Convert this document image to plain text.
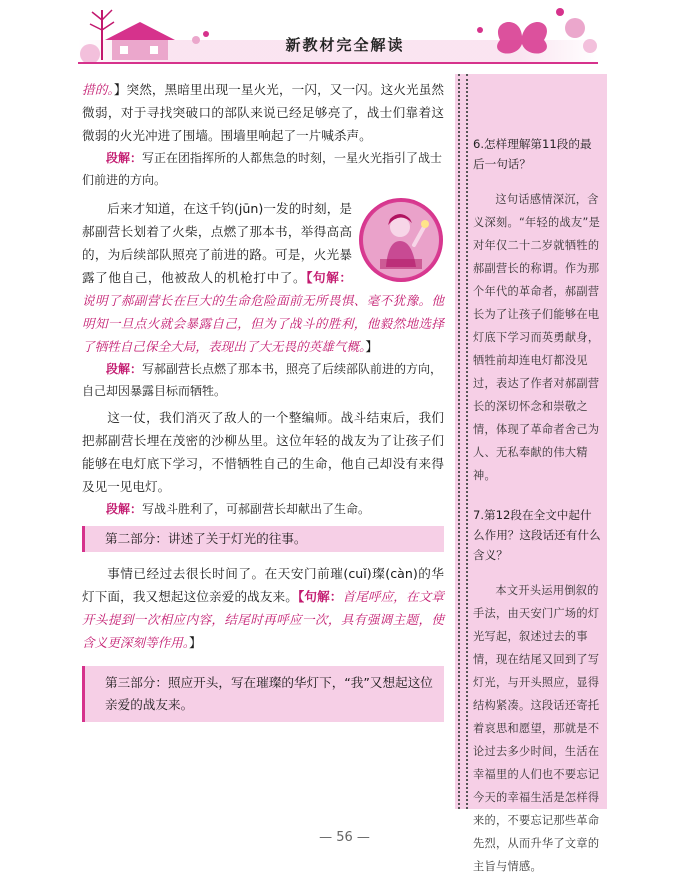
新教材完全解读

措的。】突然，黑暗里出现一星火光，一闪，又一闪。这火光虽然微弱，对于寻找突破口的部队来说已经足够亮了，战士们靠着这微弱的火光冲进了围墙。围墙里响起了一片喊杀声。

段解：写正在团指挥所的人都焦急的时刻，一星火光指引了战士们前进的方向。

后来才知道，在这千钧(jūn)一发的时刻，是郝副营长划着了火柴，点燃了那本书，举得高高的，为后续部队照亮了前进的路。可是，火光暴露了他自己，他被敌人的机枪打中了。【句解：说明了郝副营长在巨大的生命危险面前无所畏惧、毫不犹豫。他明知一旦点火就会暴露自己，但为了战斗的胜利，他毅然地选择了牺牲自己保全大局，表现出了大无畏的英雄气概。】

段解：写郝副营长点燃了那本书，照亮了后续部队前进的方向，自己却因暴露目标而牺牲。

这一仗，我们消灭了敌人的一个整编师。战斗结束后，我们把郝副营长埋在茂密的沙柳丛里。这位年轻的战友为了让孩子们能够在电灯底下学习，不惜牺牲自己的生命，他自己却没有来得及见一见电灯。

段解：写战斗胜利了，可郝副营长却献出了生命。

第二部分：讲述了关于灯光的往事。

事情已经过去很长时间了。在天安门前璀(cuǐ)璨(càn)的华灯下面，我又想起这位亲爱的战友来。【句解：首尾呼应，在文章开头提到一次相应内容，结尾时再呼应一次，具有强调主题，使含义更深刻等作用。】

第三部分：照应开头，写在璀璨的华灯下，“我”又想起这位亲爱的战友来。

6.怎样理解第11段的最后一句话？

这句话感情深沉，含义深刻。“年轻的战友”是对年仅二十二岁就牺牲的郝副营长的称谓。作为那个年代的革命者，郝副营长为了让孩子们能够在电灯底下学习而英勇献身，牺牲前却连电灯都没见过，表达了作者对郝副营长的深切怀念和崇敬之情，体现了革命者舍己为人、无私奉献的伟大精神。

7.第12段在全文中起什么作用？这段话还有什么含义？

本文开头运用倒叙的手法，由天安门广场的灯光写起，叙述过去的事情，现在结尾又回到了写灯光，与开头照应，显得结构紧凑。这段话还寄托着哀思和愿望，那就是不论过去多少时间，生活在幸福里的人们也不要忘记今天的幸福生活是怎样得来的，不要忘记那些革命先烈，从而升华了文章的主旨与情感。

— 56 —
